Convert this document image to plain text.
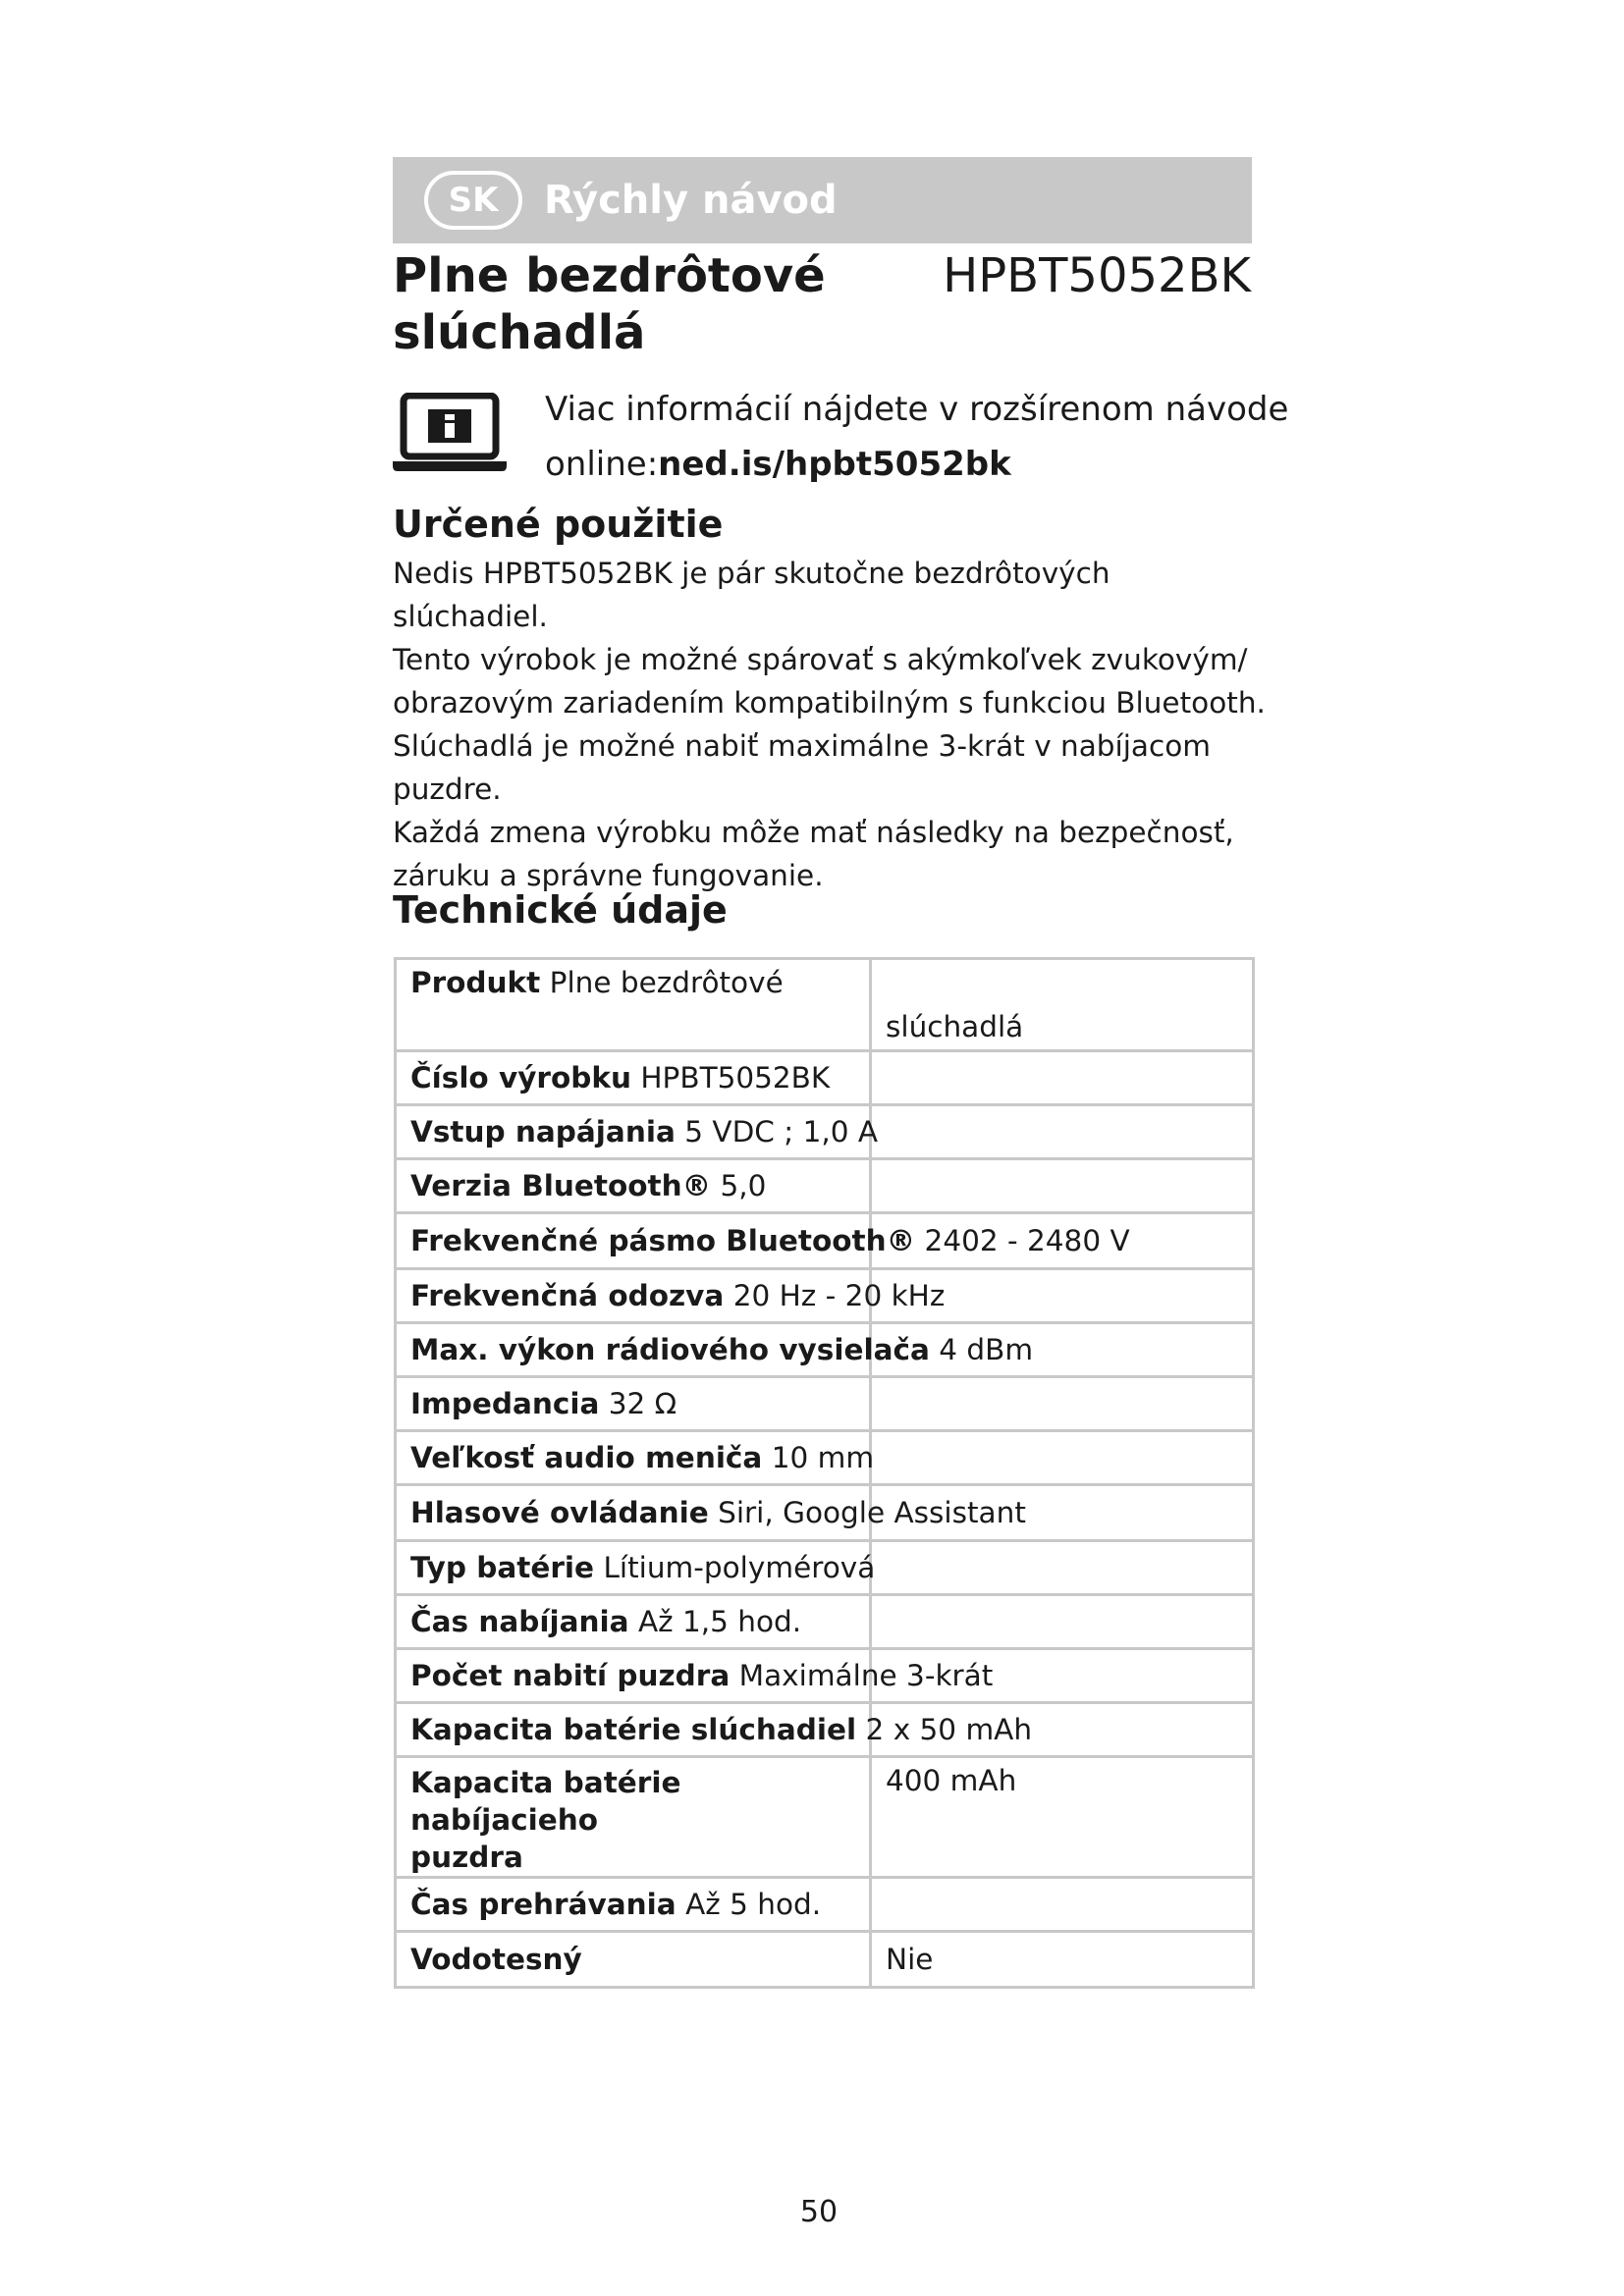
SK	Rýchly návod
Plne bezdrôtové
slúchadlá
HPBT5052BK
Viac informácií nájdete v rozšírenom návode
online:ned.is/hpbt5052bk
Určené použitie

Nedis HPBT5052BK je pár skutočne bezdrôtových slúchadiel.

Tento výrobok je možné spárovať s akýmkoľvek zvukovým/

obrazovým zariadením kompatibilným s funkciou Bluetooth.

Slúchadlá je možné nabiť maximálne 3-krát v nabíjacom

puzdre.

Každá zmena výrobku môže mať následky na bezpečnosť,

záruku a správne fungovanie.

Technické údaje
Produkt Plne bezdrôtové	slúchadlá
Číslo výrobku HPBT5052BK	
Vstup napájania 5 VDC ; 1,0 A	
Verzia Bluetooth® 5,0	
Frekvenčné pásmo Bluetooth® 2402 - 2480 V	
Frekvenčná odozva 20 Hz - 20 kHz	
Max. výkon rádiového vysielača 4 dBm	
Impedancia 32 Ω	
Veľkosť audio meniča 10 mm	
Hlasové ovládanie Siri, Google Assistant	
Typ batérie Lítium-polymérová	
Čas nabíjania Až 1,5 hod.	
Počet nabití puzdra Maximálne 3-krát	
Kapacita batérie slúchadiel 2 x 50 mAh	
Kapacita batérie nabíjacieho
puzdra	400 mAh
Čas prehrávania Až 5 hod.	
Vodotesný	Nie
50
